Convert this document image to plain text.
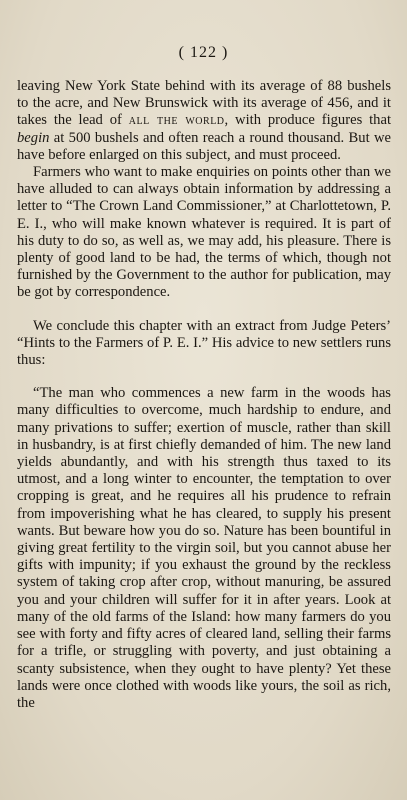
( 122 )

leaving New York State behind with its average of 88 bushels to the acre, and New Brunswick with its average of 456, and it takes the lead of all the world, with produce figures that begin at 500 bushels and often reach a round thousand. But we have before enlarged on this subject, and must proceed.

Farmers who want to make enquiries on points other than we have alluded to can always obtain information by addressing a letter to “The Crown Land Commissioner,” at Charlottetown, P. E. I., who will make known whatever is required. It is part of his duty to do so, as well as, we may add, his pleasure. There is plenty of good land to be had, the terms of which, though not furnished by the Government to the author for publication, may be got by correspondence.

We conclude this chapter with an extract from Judge Peters’ “Hints to the Farmers of P. E. I.” His advice to new settlers runs thus:

“The man who commences a new farm in the woods has many difficulties to overcome, much hardship to endure, and many privations to suffer; exertion of muscle, rather than skill in husbandry, is at first chiefly demanded of him. The new land yields abundantly, and with his strength thus taxed to its utmost, and a long winter to encounter, the temptation to over cropping is great, and he requires all his prudence to refrain from impoverishing what he has cleared, to supply his present wants. But beware how you do so. Nature has been bountiful in giving great fertility to the virgin soil, but you cannot abuse her gifts with impunity; if you exhaust the ground by the reckless system of taking crop after crop, without manuring, be assured you and your children will suffer for it in after years. Look at many of the old farms of the Island: how many farmers do you see with forty and fifty acres of cleared land, selling their farms for a trifle, or struggling with poverty, and just obtaining a scanty subsistence, when they ought to have plenty? Yet these lands were once clothed with woods like yours, the soil as rich, the
